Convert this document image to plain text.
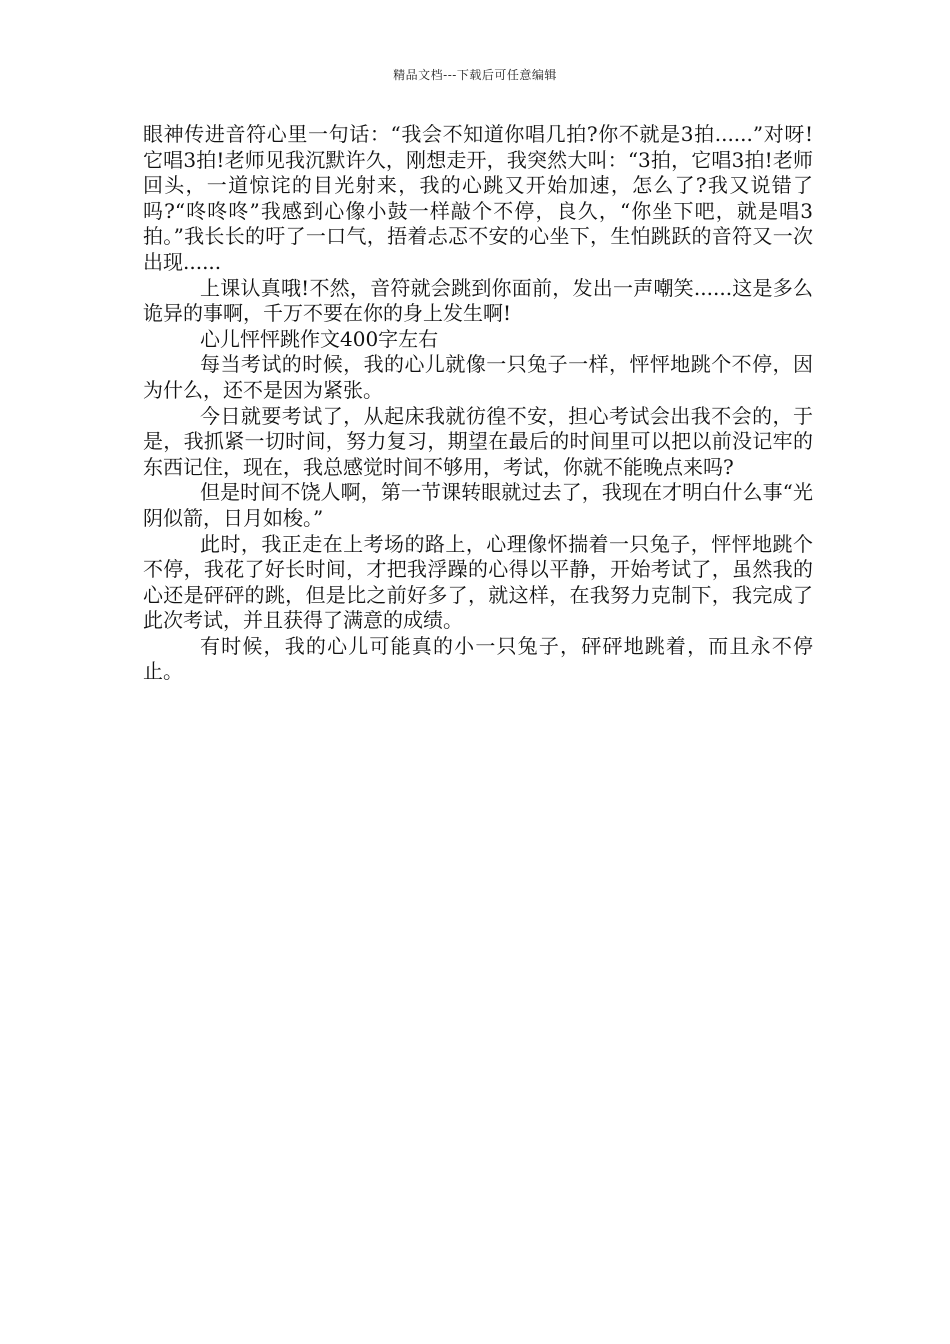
精品文档---下载后可任意编辑

眼神传进音符心里一句话：“我会不知道你唱几拍?你不就是3拍......”对呀!它唱3拍!老师见我沉默许久，刚想走开，我突然大叫：“3拍，它唱3拍!老师回头，一道惊诧的目光射来，我的心跳又开始加速，怎么了?我又说错了吗?“咚咚咚”我感到心像小鼓一样敲个不停，良久，“你坐下吧，就是唱3拍。”我长长的吁了一口气，捂着忐忑不安的心坐下，生怕跳跃的音符又一次出现......

上课认真哦!不然，音符就会跳到你面前，发出一声嘲笑......这是多么诡异的事啊，千万不要在你的身上发生啊!

心儿怦怦跳作文400字左右

每当考试的时候，我的心儿就像一只兔子一样，怦怦地跳个不停，因为什么，还不是因为紧张。

今日就要考试了，从起床我就彷徨不安，担心考试会出我不会的，于是，我抓紧一切时间，努力复习，期望在最后的时间里可以把以前没记牢的东西记住，现在，我总感觉时间不够用，考试，你就不能晚点来吗?

但是时间不饶人啊，第一节课转眼就过去了，我现在才明白什么事“光阴似箭，日月如梭。”

此时，我正走在上考场的路上，心理像怀揣着一只兔子，怦怦地跳个不停，我花了好长时间，才把我浮躁的心得以平静，开始考试了，虽然我的心还是砰砰的跳，但是比之前好多了，就这样，在我努力克制下，我完成了此次考试，并且获得了满意的成绩。

有时候，我的心儿可能真的小一只兔子，砰砰地跳着，而且永不停止。
